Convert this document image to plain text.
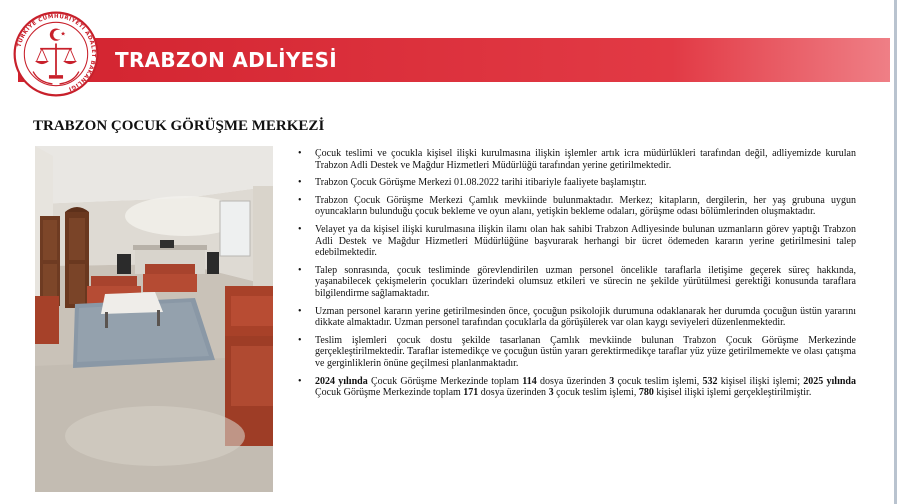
TRABZON ADLİYESİ
TÜRKİYE CUMHURİYETİ ADALET BAKANLIĞI
TRABZON ÇOCUK GÖRÜŞME MERKEZİ
• Çocuk teslimi ve çocukla kişisel ilişki kurulmasına ilişkin işlemler artık icra müdürlükleri tarafından değil, adliyemizde kurulan Trabzon Adli Destek ve Mağdur Hizmetleri Müdürlüğü tarafından yerine getirilmektedir.
• Trabzon Çocuk Görüşme Merkezi 01.08.2022 tarihi itibariyle faaliyete başlamıştır.
• Trabzon Çocuk Görüşme Merkezi Çamlık mevkiinde bulunmaktadır. Merkez; kitapların, dergilerin, her yaş grubuna uygun oyuncakların bulunduğu çocuk bekleme ve oyun alanı, yetişkin bekleme odaları, görüşme odası bölümlerinden oluşmaktadır.
• Velayet ya da kişisel ilişki kurulmasına ilişkin ilamı olan hak sahibi Trabzon Adliyesinde bulunan uzmanların görev yaptığı Trabzon Adli Destek ve Mağdur Hizmetleri Müdürlüğüne başvurarak herhangi bir ücret ödemeden kararın yerine getirilmesini talep edebilmektedir.
• Talep sonrasında, çocuk tesliminde görevlendirilen uzman personel öncelikle taraflarla iletişime geçerek süreç hakkında, yaşanabilecek çekişmelerin çocukları üzerindeki olumsuz etkileri ve sürecin ne şekilde yürütülmesi gerektiği konusunda taraflara bilgilendirme sağlamaktadır.
• Uzman personel kararın yerine getirilmesinden önce, çocuğun psikolojik durumuna odaklanarak her durumda çocuğun üstün yararını dikkate almaktadır. Uzman personel tarafından çocuklarla da görüşülerek var olan kaygı seviyeleri düzenlenmektedir.
• Teslim işlemleri çocuk dostu şekilde tasarlanan Çamlık mevkiinde bulunan Trabzon Çocuk Görüşme Merkezinde gerçekleştirilmektedir. Taraflar istemedikçe ve çocuğun üstün yararı gerektirmedikçe taraflar yüz yüze getirilmemekte ve olası çatışma ve gerginliklerin önüne geçilmesi planlanmaktadır.
• 2024 yılında Çocuk Görüşme Merkezinde toplam 114 dosya üzerinden 3 çocuk teslim işlemi, 532 kişisel ilişki işlemi; 2025 yılında Çocuk Görüşme Merkezinde toplam 171 dosya üzerinden 3 çocuk teslim işlemi, 780 kişisel ilişki işlemi gerçekleştirilmiştir.
